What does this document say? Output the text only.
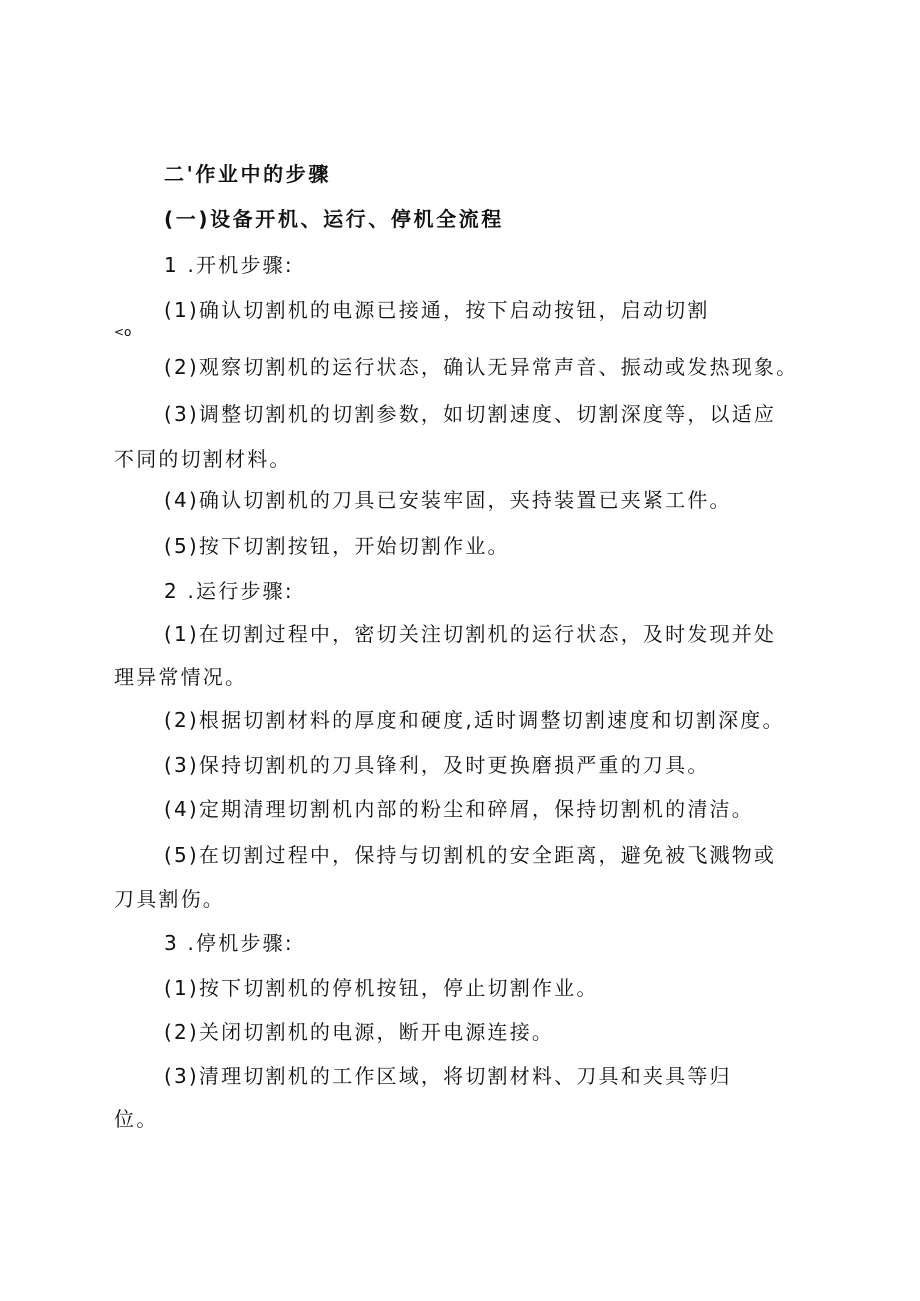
二'作业中的步骤
(一)设备开机、运行、停机全流程
1 .开机步骤:
(1)确认切割机的电源已接通，按下启动按钮，启动切割
<o
(2)观察切割机的运行状态，确认无异常声音、振动或发热现象。
(3)调整切割机的切割参数，如切割速度、切割深度等，以适应
不同的切割材料。
(4)确认切割机的刀具已安装牢固，夹持装置已夹紧工件。
(5)按下切割按钮，开始切割作业。
2 .运行步骤:
(1)在切割过程中，密切关注切割机的运行状态，及时发现并处
理异常情况。
(2)根据切割材料的厚度和硬度,适时调整切割速度和切割深度。
(3)保持切割机的刀具锋利，及时更换磨损严重的刀具。
(4)定期清理切割机内部的粉尘和碎屑，保持切割机的清洁。
(5)在切割过程中，保持与切割机的安全距离，避免被飞溅物或
刀具割伤。
3 .停机步骤:
(1)按下切割机的停机按钮，停止切割作业。
(2)关闭切割机的电源，断开电源连接。
(3)清理切割机的工作区域，将切割材料、刀具和夹具等归
位。
